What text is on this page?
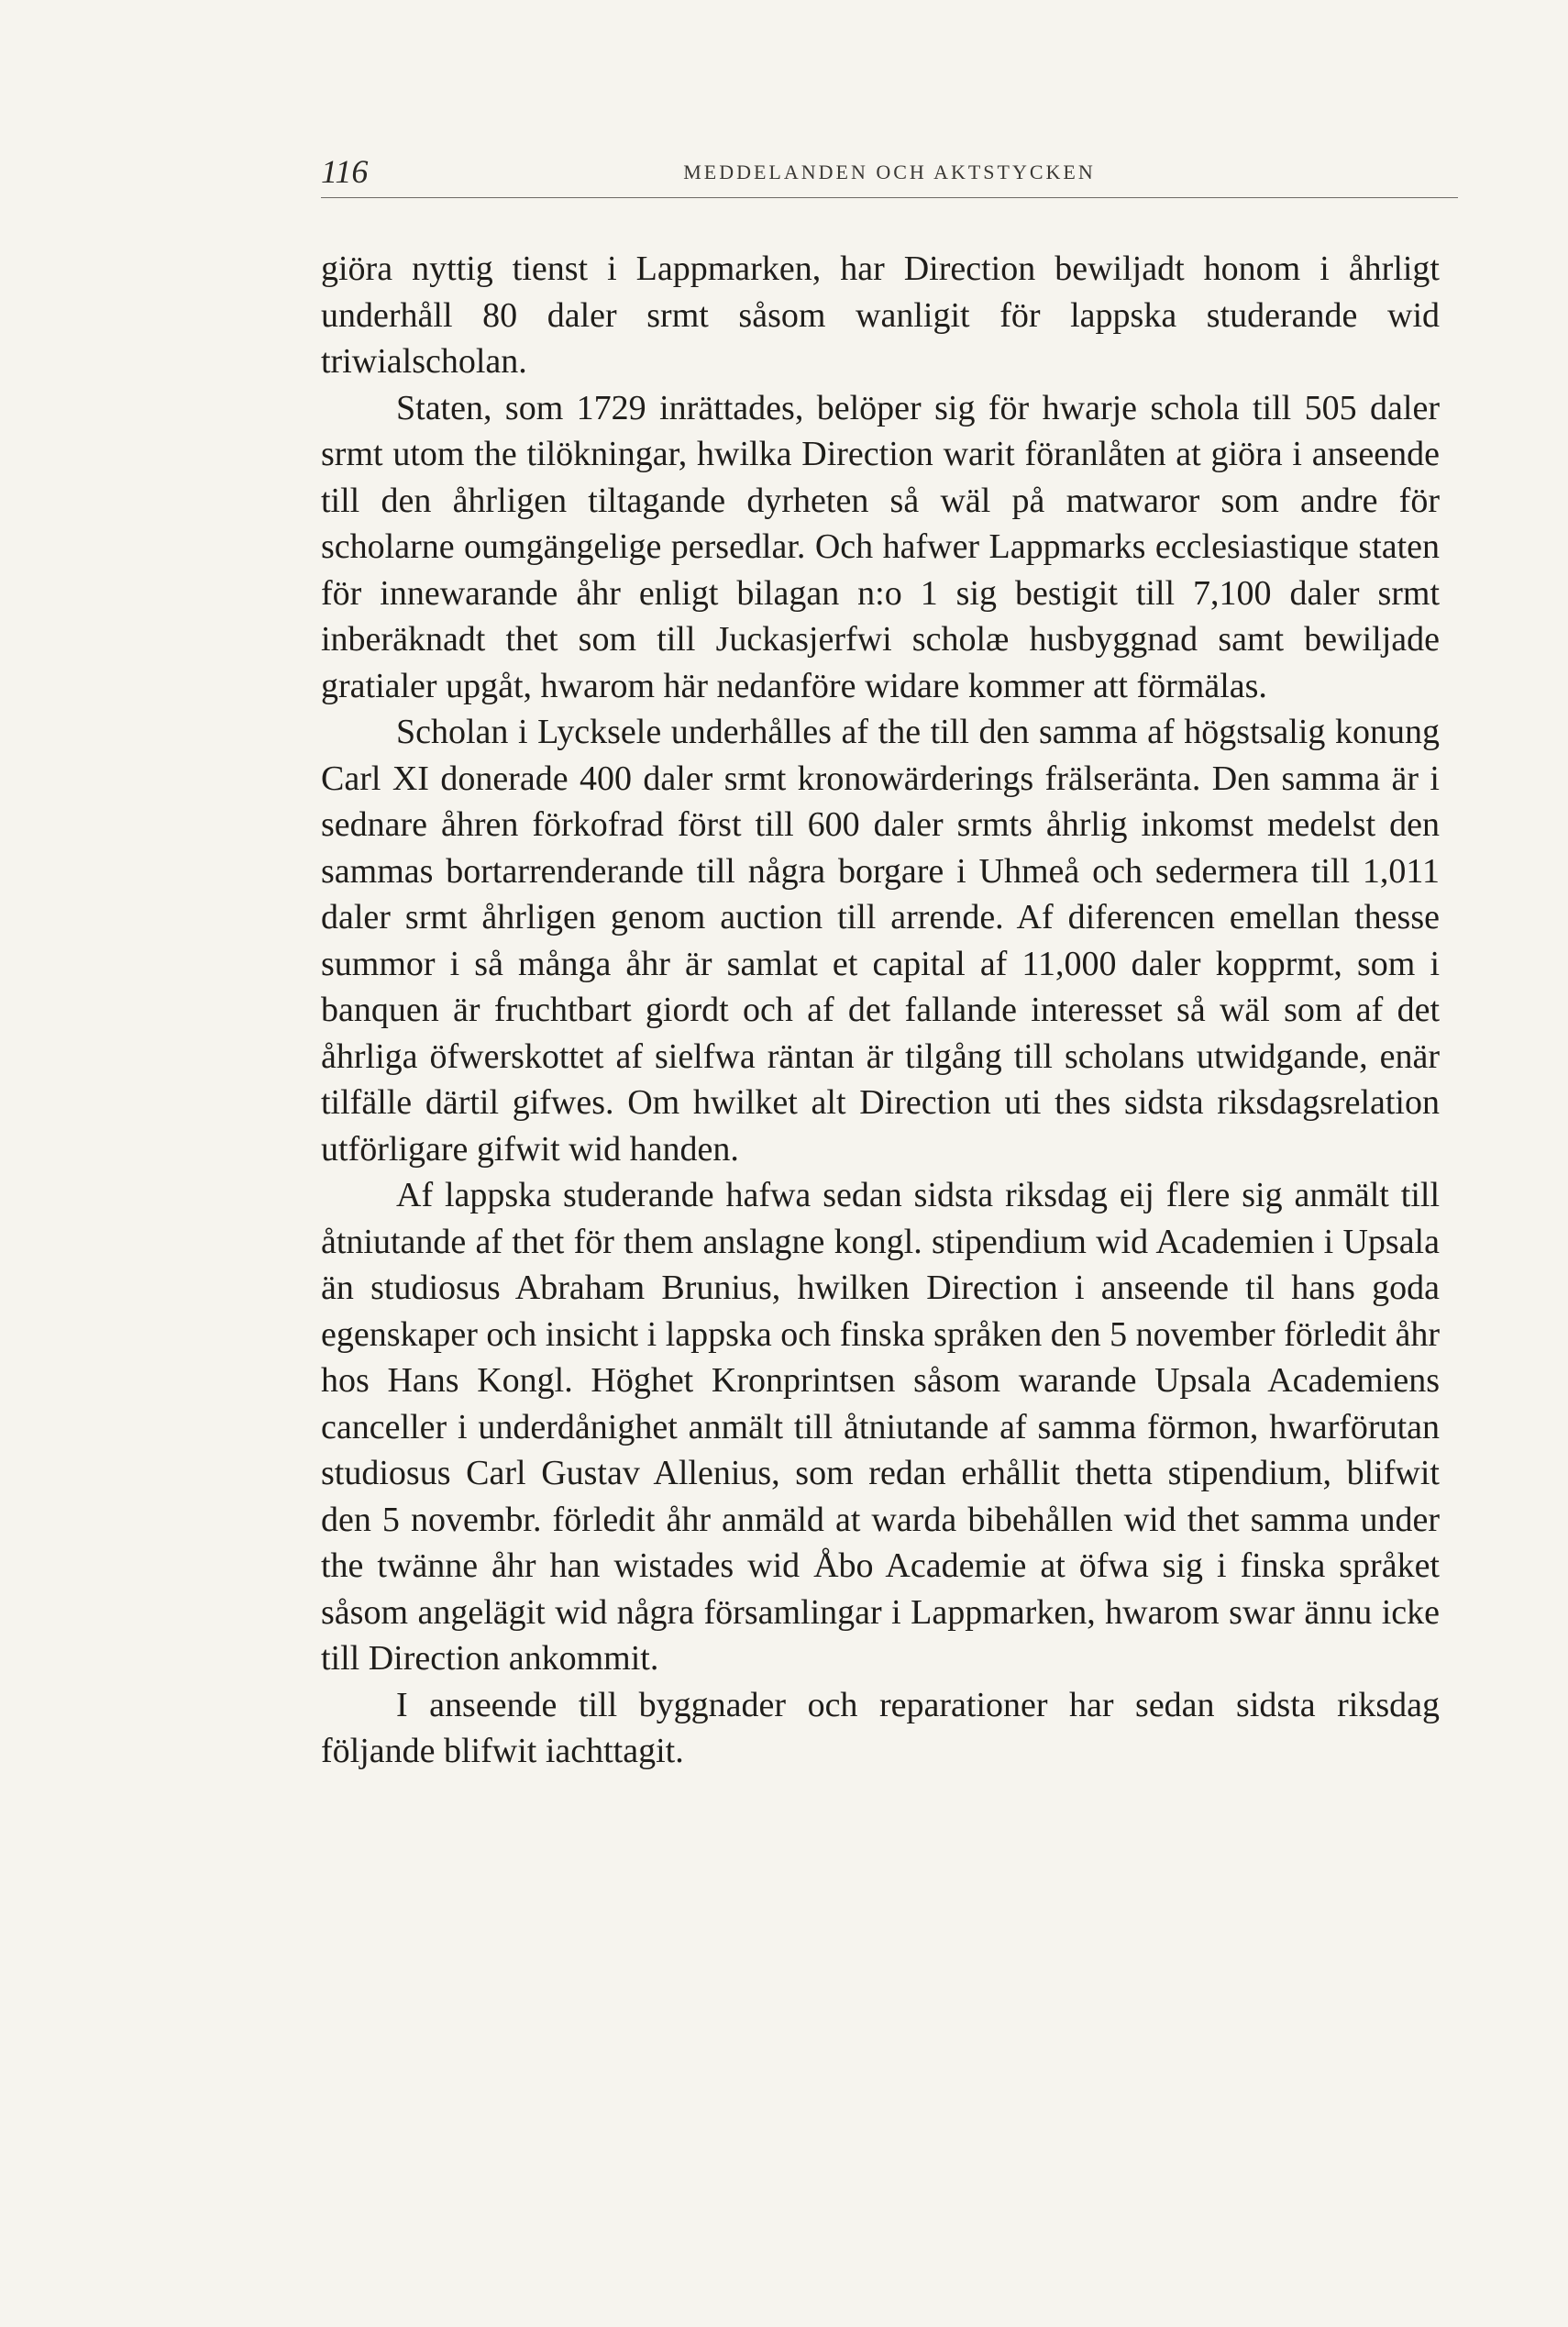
116	MEDDELANDEN OCH AKTSTYCKEN

giöra nyttig tienst i Lappmarken, har Direction bewiljadt honom i åhrligt underhåll 80 daler srmt såsom wanligit för lappska studerande wid triwialscholan.

Staten, som 1729 inrättades, belöper sig för hwarje schola till 505 daler srmt utom the tilökningar, hwilka Direction warit föranlåten at giöra i anseende till den åhrligen tiltagande dyrheten så wäl på matwaror som andre för scholarne oumgängelige persedlar. Och hafwer Lappmarks ecclesiastique staten för innewarande åhr enligt bilagan n:o 1 sig bestigit till 7,100 daler srmt inberäknadt thet som till Juckasjerfwi scholæ husbyggnad samt bewiljade gratialer upgåt, hwarom här nedanföre widare kommer att förmälas.

Scholan i Lycksele underhålles af the till den samma af högstsalig konung Carl XI donerade 400 daler srmt kronowärderings frälseränta. Den samma är i sednare åhren förkofrad först till 600 daler srmts åhrlig inkomst medelst den sammas bortarrenderande till några borgare i Uhmeå och sedermera till 1,011 daler srmt åhrligen genom auction till arrende. Af diferencen emellan thesse summor i så många åhr är samlat et capital af 11,000 daler kopprmt, som i banquen är fruchtbart giordt och af det fallande interesset så wäl som af det åhrliga öfwerskottet af sielfwa räntan är tilgång till scholans utwidgande, enär tilfälle därtil gifwes. Om hwilket alt Direction uti thes sidsta riksdagsrelation utförligare gifwit wid handen.

Af lappska studerande hafwa sedan sidsta riksdag eij flere sig anmält till åtniutande af thet för them anslagne kongl. stipendium wid Academien i Upsala än studiosus Abraham Brunius, hwilken Direction i anseende til hans goda egenskaper och insicht i lappska och finska språken den 5 november förledit åhr hos Hans Kongl. Höghet Kronprintsen såsom warande Upsala Academiens canceller i underdånighet anmält till åtniutande af samma förmon, hwarförutan studiosus Carl Gustav Allenius, som redan erhållit thetta stipendium, blifwit den 5 novembr. förledit åhr anmäld at warda bibehållen wid thet samma under the twänne åhr han wistades wid Åbo Academie at öfwa sig i finska språket såsom angelägit wid några församlingar i Lappmarken, hwarom swar ännu icke till Direction ankommit.

I anseende till byggnader och reparationer har sedan sidsta riksdag följande blifwit iachttagit.
